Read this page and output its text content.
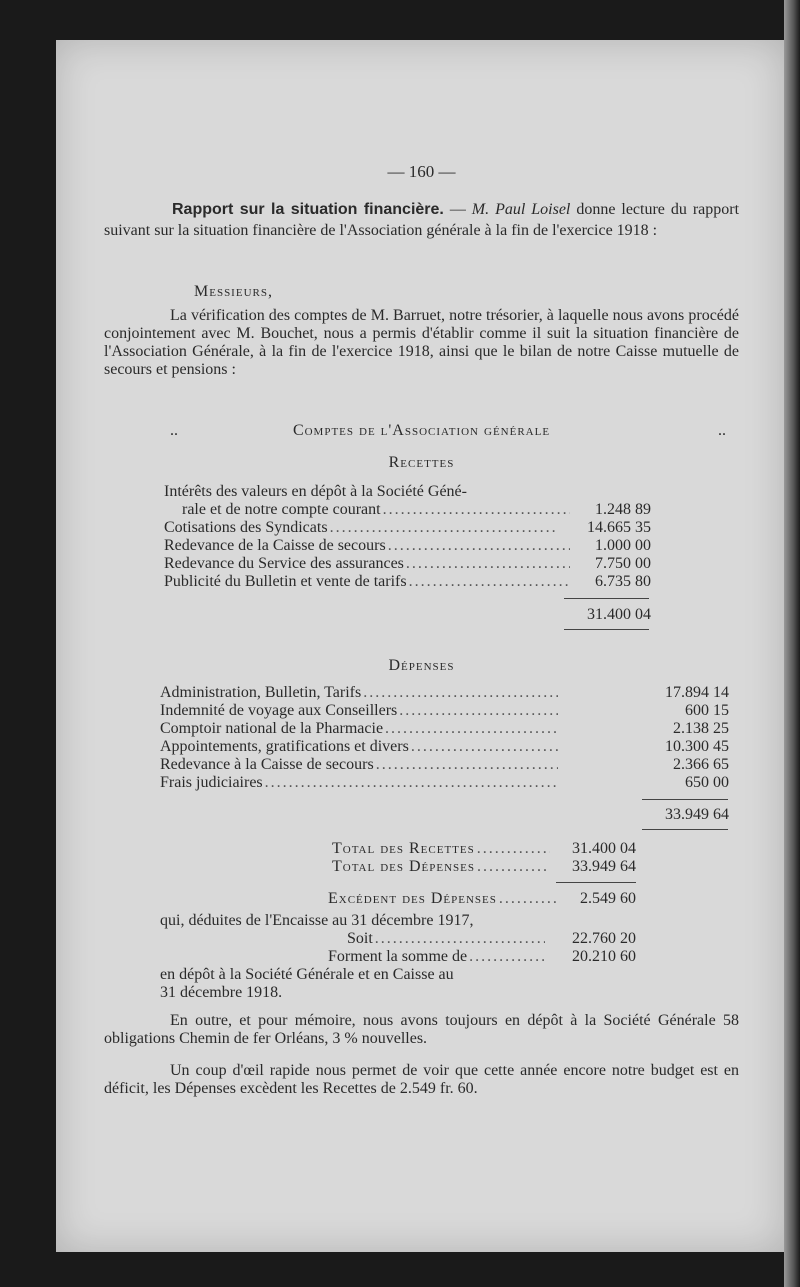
— 160 —
Rapport sur la situation financière. — M. Paul Loisel donne lecture du rapport suivant sur la situation financière de l'Association générale à la fin de l'exercice 1918 :
Messieurs,
La vérification des comptes de M. Barruet, notre trésorier, à laquelle nous avons procédé conjointement avec M. Bouchet, nous a permis d'établir comme il suit la situation financière de l'Association Générale, à la fin de l'exercice 1918, ainsi que le bilan de notre Caisse mutuelle de secours et pensions :
..	Comptes de l'Association générale	..
Recettes
Intérêts des valeurs en dépôt à la Société Géné-
rale et de notre compte courant .....	1.248 89
Cotisations des Syndicats .....	14.665 35
Redevance de la Caisse de secours .....	1.000 00
Redevance du Service des assurances .....	7.750 00
Publicité du Bulletin et vente de tarifs .....	6.735 80
31.400 04
Dépenses
Administration, Bulletin, Tarifs .....	17.894 14
Indemnité de voyage aux Conseillers .....	600 15
Comptoir national de la Pharmacie .....	2.138 25
Appointements, gratifications et divers .....	10.300 45
Redevance à la Caisse de secours .....	2.366 65
Frais judiciaires .....	650 00
33.949 64
Total des Recettes .....	31.400 04
Total des Dépenses .....	33.949 64
Excédent des Dépenses .....	2.549 60
qui, déduites de l'Encaisse au 31 décembre 1917,
Soit .....	22.760 20
Forment la somme de .....	20.210 60
en dépôt à la Société Générale et en Caisse au
31 décembre 1918.
En outre, et pour mémoire, nous avons toujours en dépôt à la Société Générale 58 obligations Chemin de fer Orléans, 3 % nouvelles.
Un coup d'œil rapide nous permet de voir que cette année encore notre budget est en déficit, les Dépenses excèdent les Recettes de 2.549 fr. 60.
